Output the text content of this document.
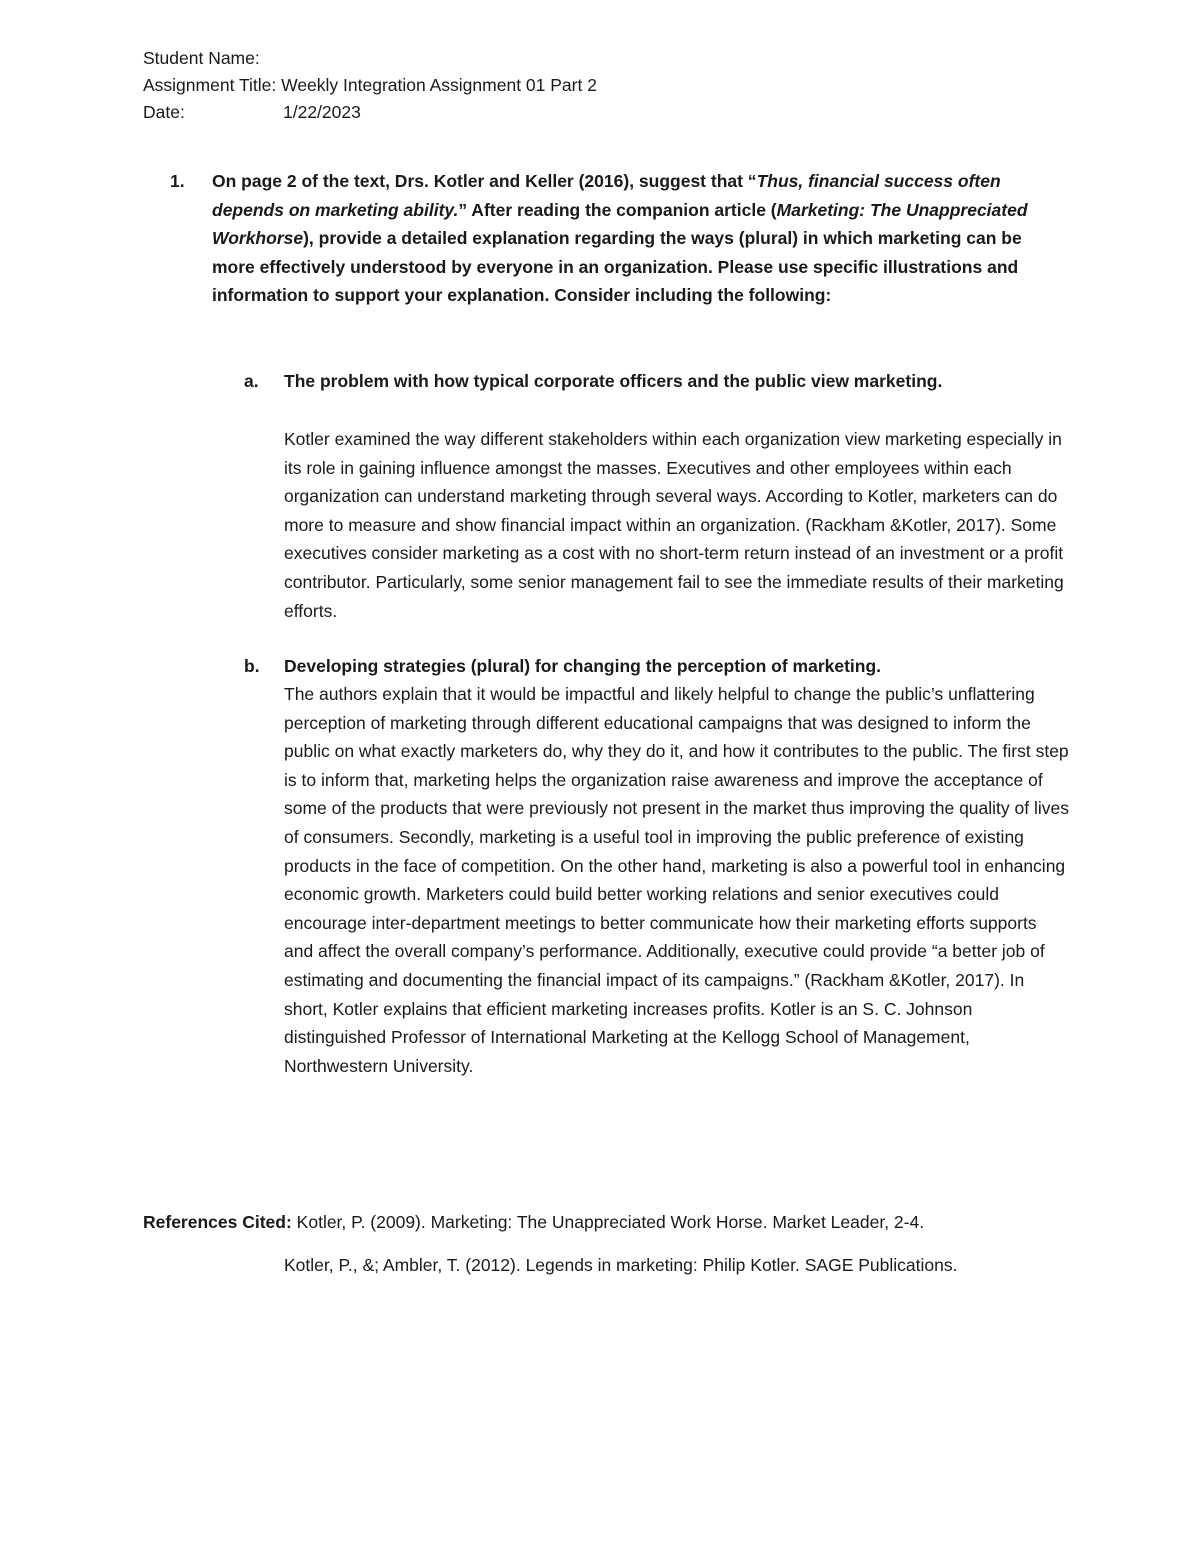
Student Name:
Assignment Title: Weekly Integration Assignment 01 Part 2
Date:	1/22/2023
1. On page 2 of the text, Drs. Kotler and Keller (2016), suggest that “Thus, financial success often depends on marketing ability.” After reading the companion article (Marketing: The Unappreciated Workhorse), provide a detailed explanation regarding the ways (plural) in which marketing can be more effectively understood by everyone in an organization. Please use specific illustrations and information to support your explanation. Consider including the following:
a. The problem with how typical corporate officers and the public view marketing.
Kotler examined the way different stakeholders within each organization view marketing especially in its role in gaining influence amongst the masses. Executives and other employees within each organization can understand marketing through several ways. According to Kotler, marketers can do more to measure and show financial impact within an organization. (Rackham &Kotler, 2017). Some executives consider marketing as a cost with no short-term return instead of an investment or a profit contributor. Particularly, some senior management fail to see the immediate results of their marketing efforts.
b. Developing strategies (plural) for changing the perception of marketing.
The authors explain that it would be impactful and likely helpful to change the public’s unflattering perception of marketing through different educational campaigns that was designed to inform the public on what exactly marketers do, why they do it, and how it contributes to the public. The first step is to inform that, marketing helps the organization raise awareness and improve the acceptance of some of the products that were previously not present in the market thus improving the quality of lives of consumers. Secondly, marketing is a useful tool in improving the public preference of existing products in the face of competition. On the other hand, marketing is also a powerful tool in enhancing economic growth. Marketers could build better working relations and senior executives could encourage inter-department meetings to better communicate how their marketing efforts supports and affect the overall company’s performance. Additionally, executive could provide “a better job of estimating and documenting the financial impact of its campaigns.” (Rackham &Kotler, 2017). In short, Kotler explains that efficient marketing increases profits. Kotler is an S. C. Johnson distinguished Professor of International Marketing at the Kellogg School of Management, Northwestern University.
References Cited: Kotler, P. (2009). Marketing: The Unappreciated Work Horse. Market Leader, 2-4.
Kotler, P., &; Ambler, T. (2012). Legends in marketing: Philip Kotler. SAGE Publications.
